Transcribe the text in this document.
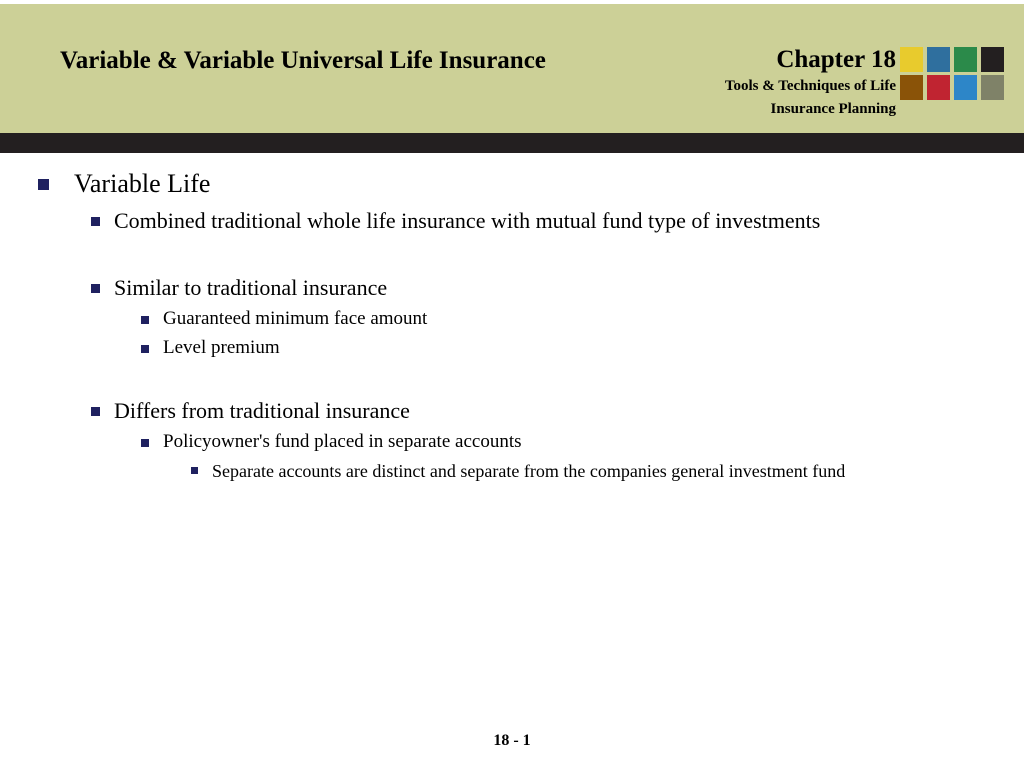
Variable & Variable Universal Life Insurance	Chapter 18
Tools & Techniques of Life
Insurance Planning
Variable Life
Combined traditional whole life insurance with mutual fund type of investments
Similar to traditional insurance
Guaranteed minimum face amount
Level premium
Differs from traditional insurance
Policyowner's fund placed in separate accounts
Separate accounts are distinct and separate from the companies general investment fund
18 - 1
